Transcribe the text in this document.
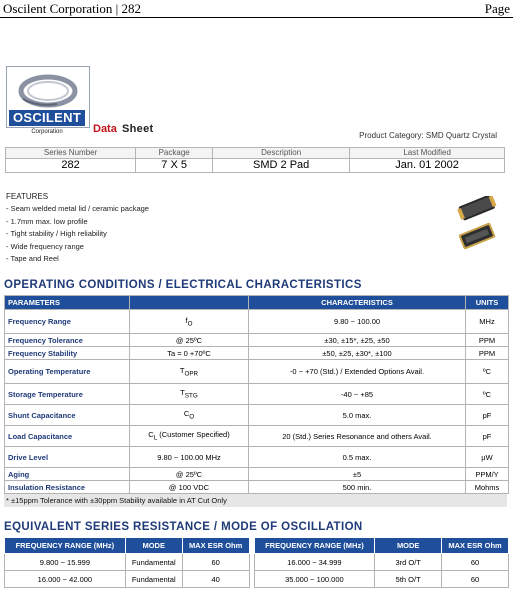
Oscilent Corporation | 282	Page
OSCILENT
Corporation	Data Sheet
Product Category: SMD Quartz Crystal
Series Number	Package	Description	Last Modified
282	7 X 5	SMD 2 Pad	Jan. 01 2002
FEATURES
- Seam welded metal lid / ceramic package
- 1.7mm max. low profile
- Tight stability / High reliability
- Wide frequency range
- Tape and Reel
OPERATING CONDITIONS / ELECTRICAL CHARACTERISTICS
PARAMETERS		CHARACTERISTICS	UNITS
Frequency Range	$f_O$	9.80 ~ 100.00	MHz
Frequency Tolerance	@ 25ºC	±30, ±15*, ±25, ±50	PPM
Frequency Stability	Ta = 0 +70ºC	±50, ±25, ±30*, ±100	PPM
Operating Temperature	$T_{OPR}$	-0 ~ +70 (Std.) / Extended Options Avail.	ºC
Storage Temperature	$T_{STG}$	-40 ~ +85	ºC
Shunt Capacitance	$C_O$	5.0 max.	pF
Load Capacitance	$C_L$ (Customer Specified)	20 (Std.) Series Resonance and others Avail.	pF
Drive Level	9.80 ~ 100.00 MHz	0.5 max.	µW
Aging	@ 25ºC	±5	PPM/Y
Insulation Resistance	@ 100 VDC	500 min.	Mohms
* ±15ppm Tolerance with ±30ppm Stability available in AT Cut Only
EQUIVALENT SERIES RESISTANCE / MODE OF OSCILLATION
FREQUENCY RANGE (MHz)	MODE	MAX ESR Ohm		FREQUENCY RANGE (MHz)	MODE	MAX ESR Ohm
9.800 ~ 15.999	Fundamental	60		16.000 ~ 34.999	3rd O/T	60
16.000 ~ 42.000	Fundamental	40		35.000 ~ 100.000	5th O/T	60
